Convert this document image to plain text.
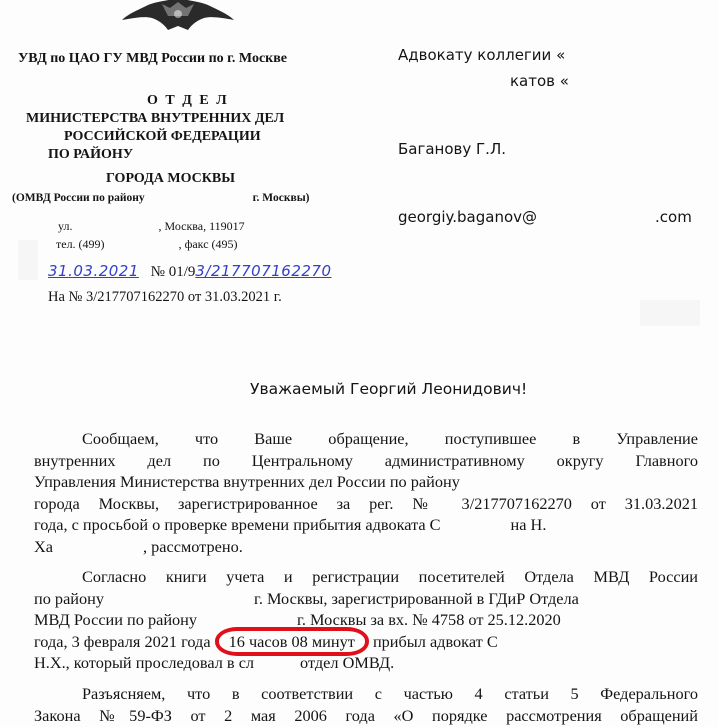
УВД по ЦАО ГУ МВД России по г. Москве
О Т Д Е Л
МИНИСТЕРСТВА ВНУТРЕННИХ ДЕЛ
РОССИЙСКОЙ ФЕДЕРАЦИИ
ПО РАЙОНУ
ГОРОДА МОСКВЫ
(ОМВД России по району	г. Москвы)
ул.	, Москва, 119017
тел. (499)	, факс (495)
31.03.2021 № 01/93/217707162270
На № 3/217707162270 от 31.03.2021 г.
Адвокату коллегии «
катов «
Баганову Г.Л.
georgiy.baganov@	.com
Уважаемый Георгий Леонидович!
Сообщаем, что Ваше обращение, поступившее в Управление
внутренних дел по Центральному административному округу Главного
Управления Министерства внутренних дел России по району
города Москвы, зарегистрированное за рег. № 3/217707162270 от 31.03.2021
года, с просьбой о проверке времени прибытия адвоката С	на Н.
Ха	, рассмотрено.
Согласно книги учета и регистрации посетителей Отдела МВД России
по району	г. Москвы, зарегистрированной в ГДиР Отдела
МВД России по району	г. Москвы за вх. № 4758 от 25.12.2020
года, 3 февраля 2021 года 16 часов 08 минут прибыл адвокат С
Н.Х., который проследовал в сл	отдел ОМВД.
Разъясняем, что в соответствии с частью 4 статьи 5 Федерального
Закона №59-ФЗ от 2 мая 2006 года «О порядке рассмотрения обращений
